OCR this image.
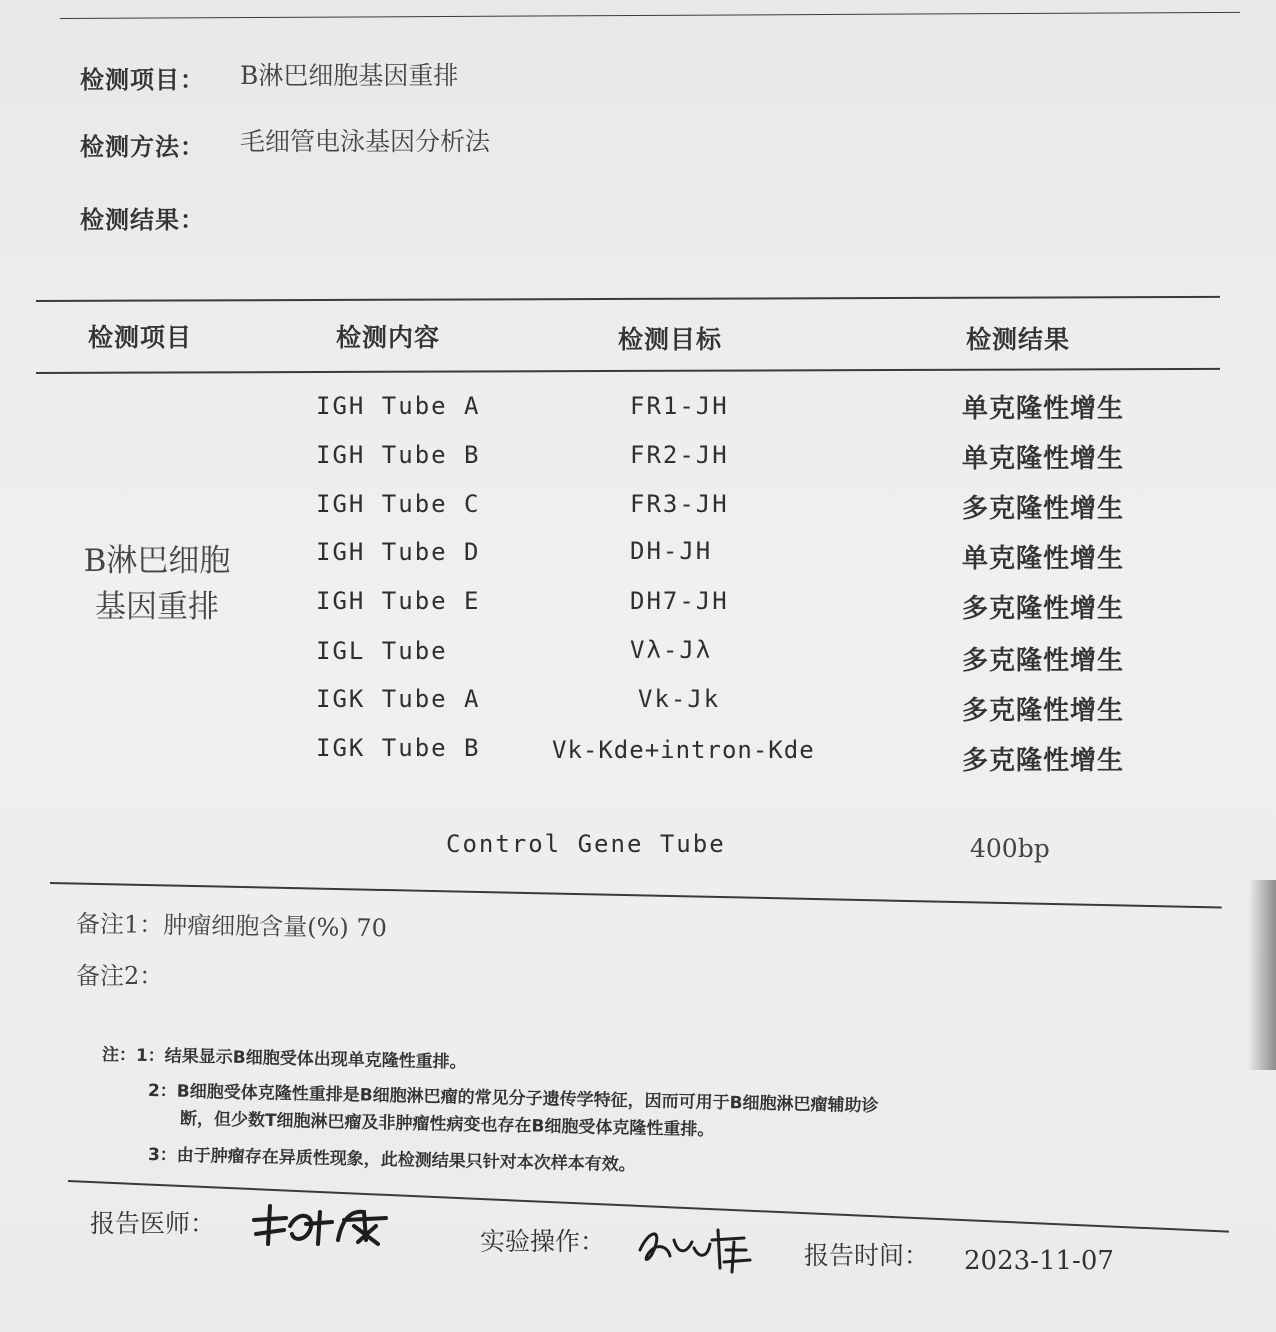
检测项目： B淋巴细胞基因重排
检测方法： 毛细管电泳基因分析法
检测结果：
检测项目	检测内容	检测目标	检测结果
B淋巴细胞
基因重排
IGH Tube A	FR1-JH	单克隆性增生
IGH Tube B	FR2-JH	单克隆性增生
IGH Tube C	FR3-JH	多克隆性增生
IGH Tube D	DH-JH	单克隆性增生
IGH Tube E	DH7-JH	多克隆性增生
IGL Tube	Vλ-Jλ	多克隆性增生
IGK Tube A	Vk-Jk	多克隆性增生
IGK Tube B	Vk-Kde+intron-Kde	多克隆性增生
Control Gene Tube	400bp
备注1：肿瘤细胞含量(%) 70
备注2：
注：1：结果显示B细胞受体出现单克隆性重排。
2：B细胞受体克隆性重排是B细胞淋巴瘤的常见分子遗传学特征，因而可用于B细胞淋巴瘤辅助诊
断，但少数T细胞淋巴瘤及非肿瘤性病变也存在B细胞受体克隆性重排。
3：由于肿瘤存在异质性现象，此检测结果只针对本次样本有效。
报告医师：
实验操作：	报告时间： 2023-11-07
